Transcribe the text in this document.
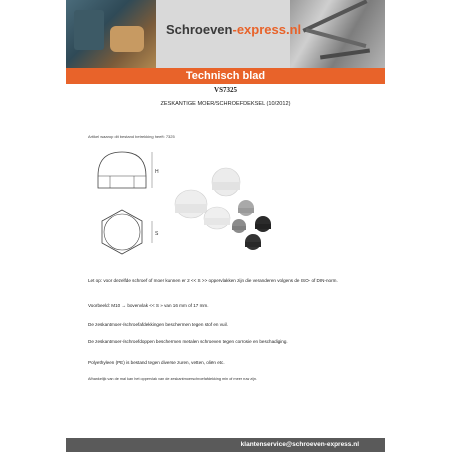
Schroeven-express.nl
Technisch blad
VS7325
ZESKANTIGE MOER/SCHROEFDEKSEL (10/2012)
Artikel waarop dit bestand betrekking heeft: 7325
H
S
Let op: voor dezelfde schroef of moer kunnen er 2 << S >> oppervlakken zijn die veranderen volgens de ISO- of DIN-norm.
Voorbeeld: M10 → bovenvlak << S » van 16 mm of 17 mm.
De zeskantmoer-/schroefafdekkingen beschermen tegen stof en vuil.
De zeskantmoer-/schroefdoppen beschermen metalen schroeven tegen corrosie en beschadiging.
Polyethyleen (PE) is bestand tegen diverse zuren, vetten, oliën etc.
Afhankelijk van de mal kan het oppervlak van de zeskantmoerschroefafdekking min of meer ruw zijn.
klantenservice@schroeven-express.nl
